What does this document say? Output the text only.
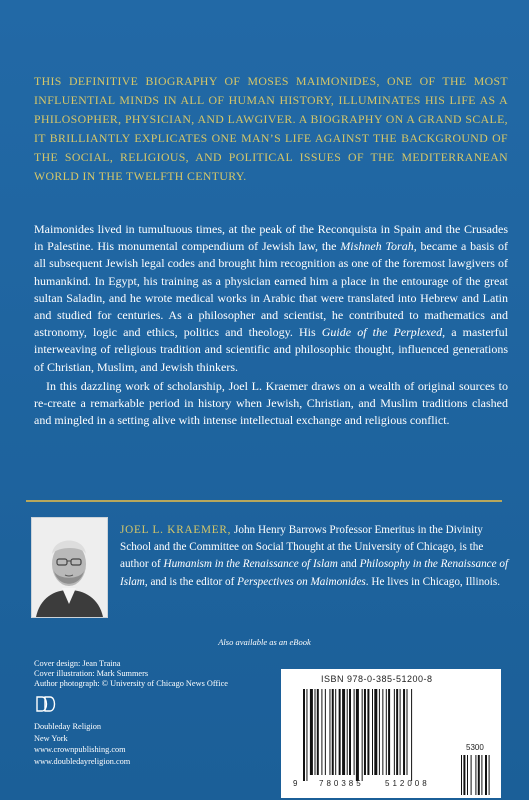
THIS DEFINITIVE BIOGRAPHY OF MOSES MAIMONIDES, ONE OF THE MOST INFLUENTIAL MINDS IN ALL OF HUMAN HISTORY, ILLUMINATES HIS LIFE AS A PHILOSOPHER, PHYSICIAN, AND LAWGIVER. A BIOGRAPHY ON A GRAND SCALE, IT BRILLIANTLY EXPLICATES ONE MAN’S LIFE AGAINST THE BACKGROUND OF THE SOCIAL, RELIGIOUS, AND POLITICAL ISSUES OF THE MEDITERRANEAN WORLD IN THE TWELFTH CENTURY.

Maimonides lived in tumultuous times, at the peak of the Reconquista in Spain and the Crusades in Palestine. His monumental compendium of Jewish law, the Mishneh Torah, became a basis of all subsequent Jewish legal codes and brought him recognition as one of the foremost lawgivers of humankind. In Egypt, his training as a physician earned him a place in the entourage of the great sultan Saladin, and he wrote medical works in Arabic that were translated into Hebrew and Latin and studied for centuries. As a philosopher and scientist, he contributed to mathematics and astronomy, logic and ethics, politics and theology. His Guide of the Perplexed, a masterful interweaving of religious tradition and scientific and philosophic thought, influenced generations of Christian, Muslim, and Jewish thinkers.

In this dazzling work of scholarship, Joel L. Kraemer draws on a wealth of original sources to re-create a remarkable period in history when Jewish, Christian, and Muslim traditions clashed and mingled in a setting alive with intense intellectual exchange and religious conflict.

JOEL L. KRAEMER, John Henry Barrows Professor Emeritus in the Divinity School and the Committee on Social Thought at the University of Chicago, is the author of Humanism in the Renaissance of Islam and Philosophy in the Renaissance of Islam, and is the editor of Perspectives on Maimonides. He lives in Chicago, Illinois.
Also available as an eBook
Cover design: Jean Traina
Cover illustration: Mark Summers
Author photograph: © University of Chicago News Office
Doubleday Religion
New York
www.crownpublishing.com
www.doubledayreligion.com
ISBN 978-0-385-51200-8
9	780385	512008
5300
